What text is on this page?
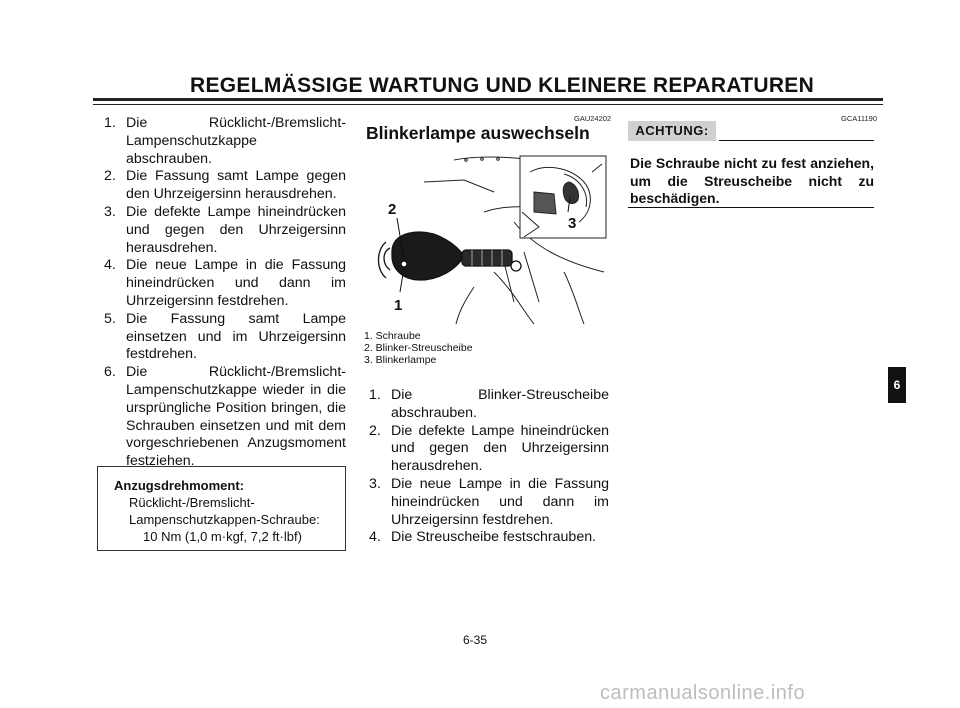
REGELMÄSSIGE WARTUNG UND KLEINERE REPARATUREN
1. Die Rücklicht-/Bremslicht-Lampenschutzkappe abschrauben.
2. Die Fassung samt Lampe gegen den Uhrzeigersinn herausdrehen.
3. Die defekte Lampe hineindrücken und gegen den Uhrzeigersinn herausdrehen.
4. Die neue Lampe in die Fassung hineindrücken und dann im Uhrzeigersinn festdrehen.
5. Die Fassung samt Lampe einsetzen und im Uhrzeigersinn festdrehen.
6. Die Rücklicht-/Bremslicht-Lampenschutzkappe wieder in die ursprüngliche Position bringen, die Schrauben einsetzen und mit dem vorgeschriebenen Anzugsmoment festziehen.
Anzugsdrehmoment:
Rücklicht-/Bremslicht-
Lampenschutzkappen-Schraube:
10 Nm (1,0 m·kgf, 7,2 ft·lbf)
GAU24202
Blinkerlampe auswechseln
2
1
3
1. Schraube
2. Blinker-Streuscheibe
3. Blinkerlampe
1. Die Blinker-Streuscheibe abschrauben.
2. Die defekte Lampe hineindrücken und gegen den Uhrzeigersinn herausdrehen.
3. Die neue Lampe in die Fassung hineindrücken und dann im Uhrzeigersinn festdrehen.
4. Die Streuscheibe festschrauben.
GCA11190
ACHTUNG:
Die Schraube nicht zu fest anziehen, um die Streuscheibe nicht zu beschädigen.
6
6-35
carmanualsonline.info
